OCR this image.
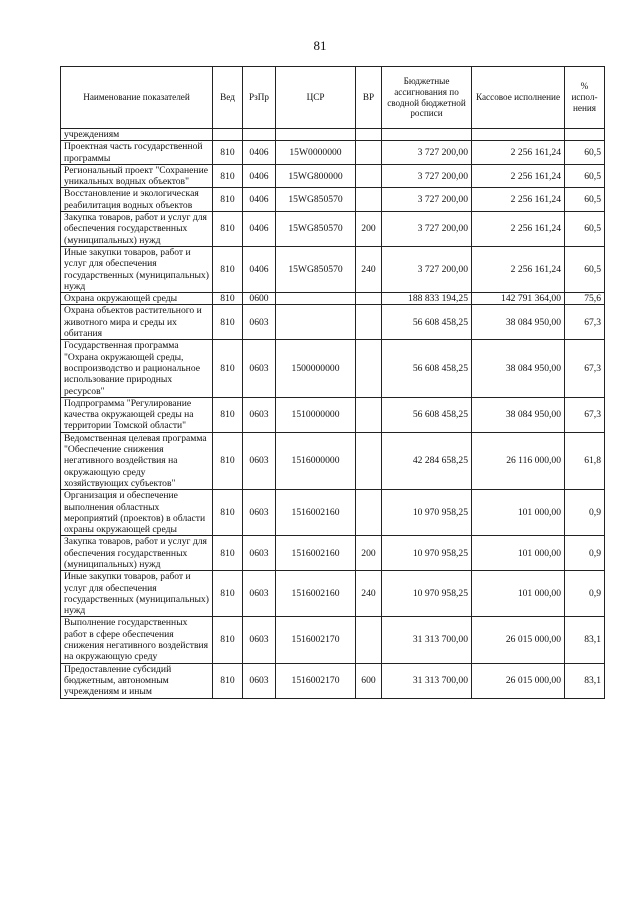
81
Наименование показателей	Вед	РзПр	ЦСР	ВР	Бюджетные ассигнования по сводной бюджетной росписи	Кассовое исполнение	% испол-нения
учреждениям							
Проектная часть государственной программы	810	0406	15W0000000		3 727 200,00	2 256 161,24	60,5
Региональный проект "Сохранение уникальных водных объектов"	810	0406	15WG800000		3 727 200,00	2 256 161,24	60,5
Восстановление и экологическая реабилитация водных объектов	810	0406	15WG850570		3 727 200,00	2 256 161,24	60,5
Закупка товаров, работ и услуг для обеспечения государственных (муниципальных) нужд	810	0406	15WG850570	200	3 727 200,00	2 256 161,24	60,5
Иные закупки товаров, работ и услуг для обеспечения государственных (муниципальных) нужд	810	0406	15WG850570	240	3 727 200,00	2 256 161,24	60,5
Охрана окружающей среды	810	0600			188 833 194,25	142 791 364,00	75,6
Охрана объектов растительного и животного мира и среды их обитания	810	0603			56 608 458,25	38 084 950,00	67,3
Государственная программа "Охрана окружающей среды, воспроизводство и рациональное использование природных ресурсов"	810	0603	1500000000		56 608 458,25	38 084 950,00	67,3
Подпрограмма "Регулирование качества окружающей среды на территории Томской области"	810	0603	1510000000		56 608 458,25	38 084 950,00	67,3
Ведомственная целевая программа "Обеспечение снижения негативного воздействия на окружающую среду хозяйствующих субъектов"	810	0603	1516000000		42 284 658,25	26 116 000,00	61,8
Организация и обеспечение выполнения областных мероприятий (проектов) в области охраны окружающей среды	810	0603	1516002160		10 970 958,25	101 000,00	0,9
Закупка товаров, работ и услуг для обеспечения государственных (муниципальных) нужд	810	0603	1516002160	200	10 970 958,25	101 000,00	0,9
Иные закупки товаров, работ и услуг для обеспечения государственных (муниципальных) нужд	810	0603	1516002160	240	10 970 958,25	101 000,00	0,9
Выполнение государственных работ в сфере обеспечения снижения негативного воздействия на окружающую среду	810	0603	1516002170		31 313 700,00	26 015 000,00	83,1
Предоставление субсидий бюджетным, автономным учреждениям и иным	810	0603	1516002170	600	31 313 700,00	26 015 000,00	83,1
